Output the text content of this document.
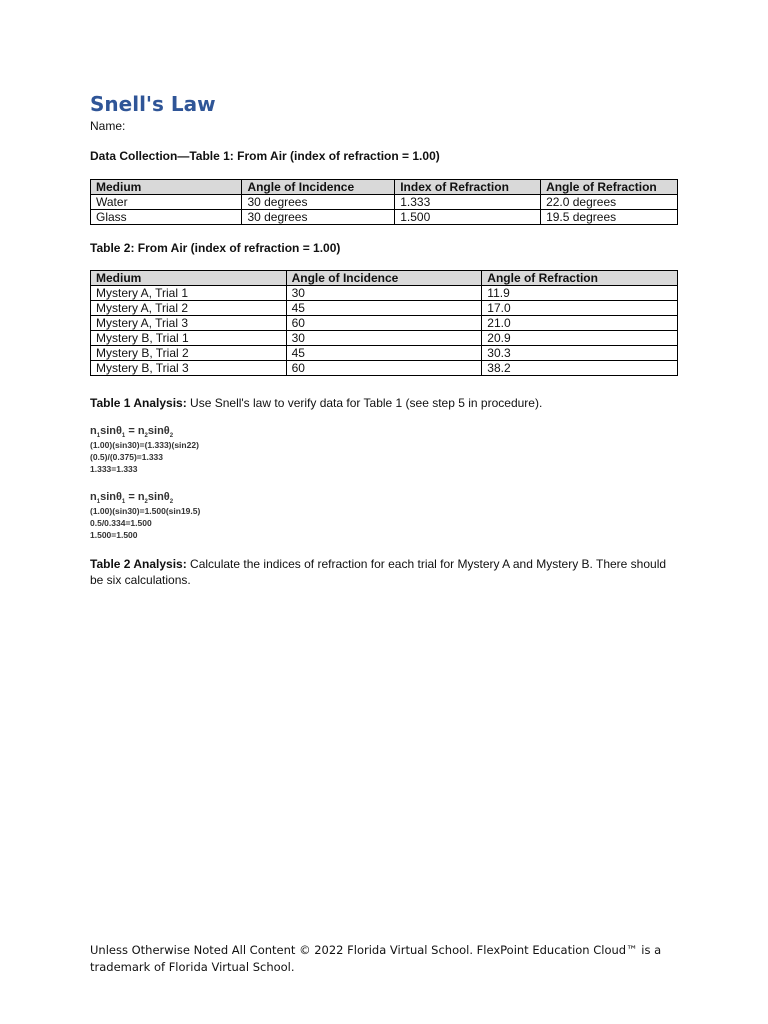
Snell's Law
Name:
Data Collection—Table 1: From Air (index of refraction = 1.00)
Medium	Angle of Incidence	Index of Refraction	Angle of Refraction
Water	30 degrees	1.333	22.0 degrees
Glass	30 degrees	1.500	19.5 degrees
Table 2: From Air (index of refraction = 1.00)
Medium	Angle of Incidence	Angle of Refraction
Mystery A, Trial 1	30	11.9
Mystery A, Trial 2	45	17.0
Mystery A, Trial 3	60	21.0
Mystery B, Trial 1	30	20.9
Mystery B, Trial 2	45	30.3
Mystery B, Trial 3	60	38.2
Table 1 Analysis: Use Snell's law to verify data for Table 1 (see step 5 in procedure).
$n_1\sin\theta_1 = n_2\sin\theta_2$
(1.00)(sin30)=(1.333)(sin22)
(0.5)/(0.375)=1.333
1.333=1.333
$n_1\sin\theta_1 = n_2\sin\theta_2$
(1.00)(sin30)=1.500(sin19.5)
0.5/0.334=1.500
1.500=1.500
Table 2 Analysis: Calculate the indices of refraction for each trial for Mystery A and Mystery B. There should be six calculations.
Unless Otherwise Noted All Content © 2022 Florida Virtual School. FlexPoint Education Cloud™ is a trademark of Florida Virtual School.
